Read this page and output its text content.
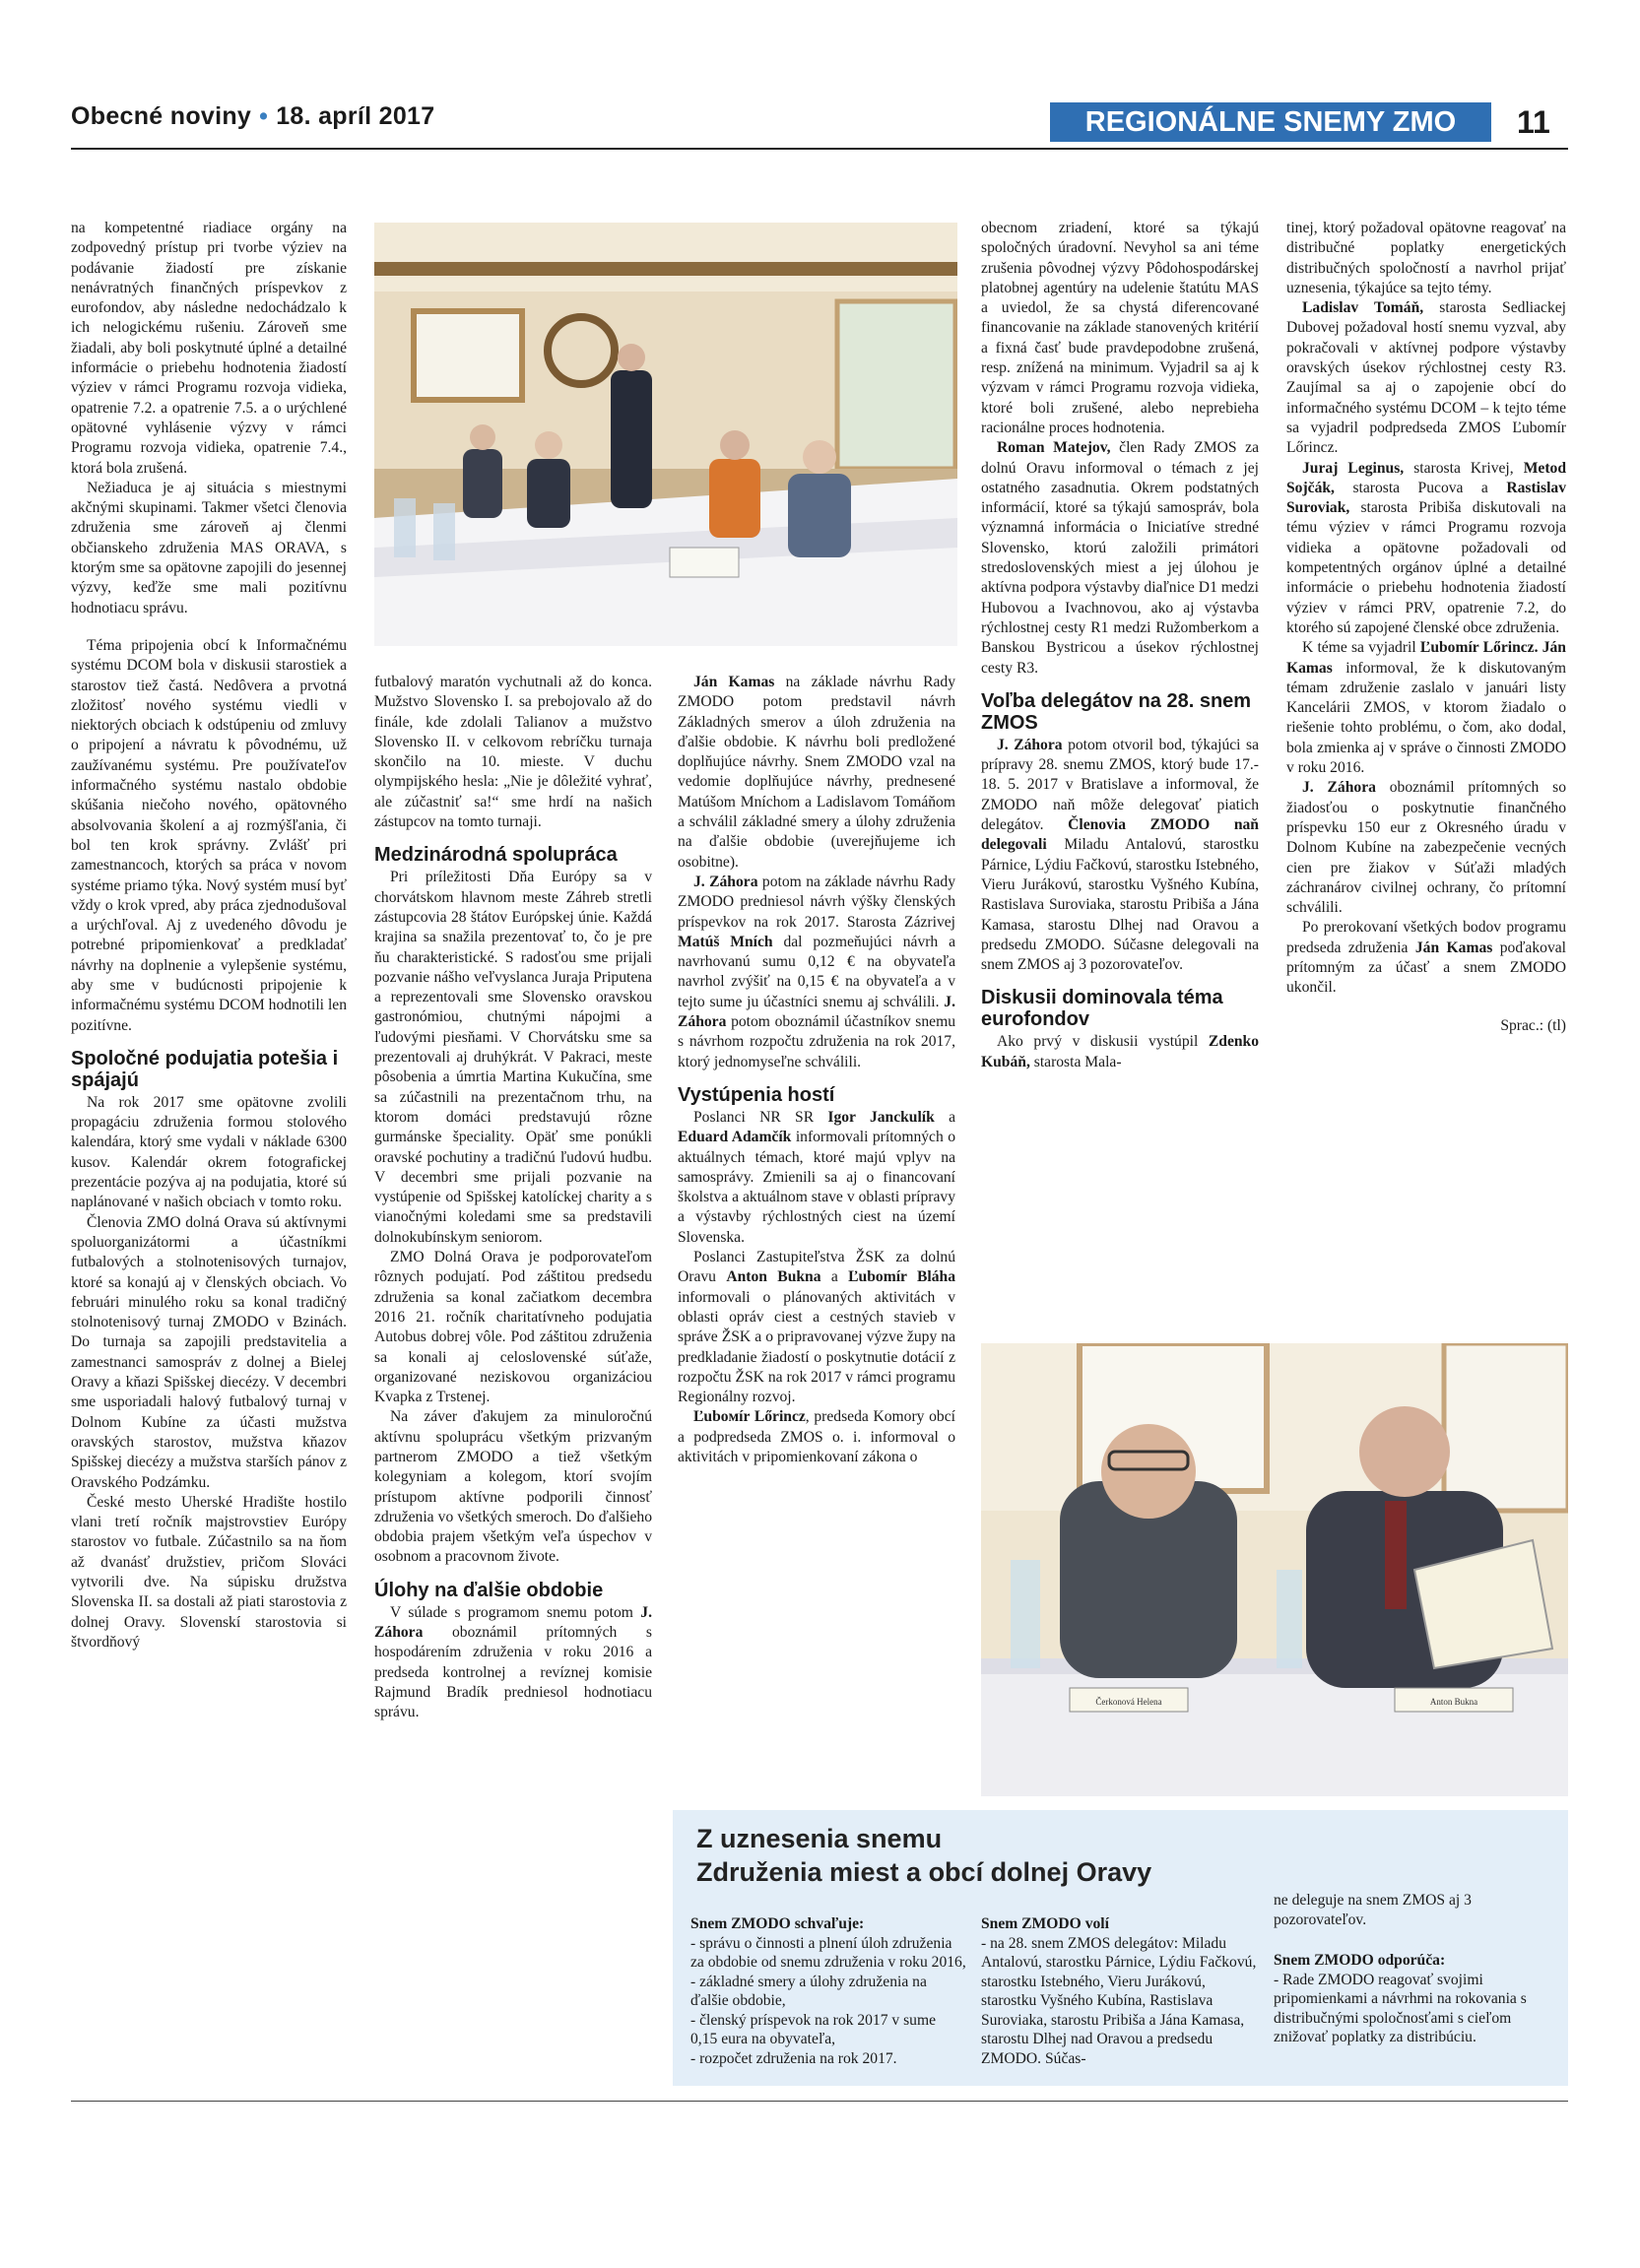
Obecné noviny • 18. apríl 2017	REGIONÁLNE SNEMY ZMO	11

na kompetentné riadiace orgány na zodpovedný prístup pri tvorbe výziev na podávanie žiadostí pre získanie nenávratných finančných príspevkov z eurofondov, aby následne nedochádzalo k ich nelogickému rušeniu. Zároveň sme žiadali, aby boli poskytnuté úplné a detailné informácie o priebehu hodnotenia žiadostí výziev v rámci Programu rozvoja vidieka, opatrenie 7.2. a opatrenie 7.5. a o urýchlené opätovné vyhlásenie výzvy v rámci Programu rozvoja vidieka, opatrenie 7.4., ktorá bola zrušená.

Nežiaduca je aj situácia s miestnymi akčnými skupinami. Takmer všetci členovia združenia sme zároveň aj členmi občianskeho združenia MAS ORAVA, s ktorým sme sa opätovne zapojili do jesennej výzvy, keďže sme mali pozitívnu hodnotiacu správu.

Téma pripojenia obcí k Informačnému systému DCOM bola v diskusii starostiek a starostov tiež častá. Nedôvera a prvotná zložitosť nového systému viedli v niektorých obciach k odstúpeniu od zmluvy o pripojení a návratu k pôvodnému, už zaužívanému systému. Pre používateľov informačného systému nastalo obdobie skúšania niečoho nového, opätovného absolvovania školení a aj rozmýšľania, či bol ten krok správny. Zvlášť pri zamestnancoch, ktorých sa práca v novom systéme priamo týka. Nový systém musí byť vždy o krok vpred, aby práca zjednodušoval a urýchľoval. Aj z uvedeného dôvodu je potrebné pripomienkovať a predkladať návrhy na doplnenie a vylepšenie systému, aby sme v budúcnosti pripojenie k informačnému systému DCOM hodnotili len pozitívne.

Spoločné podujatia potešia i spájajú

Na rok 2017 sme opätovne zvolili propagáciu združenia formou stolového kalendára, ktorý sme vydali v náklade 6300 kusov. Kalendár okrem fotografickej prezentácie pozýva aj na podujatia, ktoré sú naplánované v našich obciach v tomto roku.

Členovia ZMO dolná Orava sú aktívnymi spoluorganizátormi a účastníkmi futbalových a stolnotenisových turnajov, ktoré sa konajú aj v členských obciach. Vo februári minulého roku sa konal tradičný stolnotenisový turnaj ZMODO v Bzinách. Do turnaja sa zapojili predstavitelia a zamestnanci samospráv z dolnej a Bielej Oravy a kňazi Spišskej diecézy. V decembri sme usporiadali halový futbalový turnaj v Dolnom Kubíne za účasti mužstva oravských starostov, mužstva kňazov Spišskej diecézy a mužstva starších pánov z Oravského Podzámku.

České mesto Uherské Hradište hostilo vlani tretí ročník majstrovstiev Európy starostov vo futbale. Zúčastnilo sa na ňom až dvanásť družstiev, pričom Slováci vytvorili dve. Na súpisku družstva Slovenska II. sa dostali až piati starostovia z dolnej Oravy. Slovenskí starostovia si štvordňový

futbalový maratón vychutnali až do konca. Mužstvo Slovensko I. sa prebojovalo až do finále, kde zdolali Talianov a mužstvo Slovensko II. v celkovom rebríčku turnaja skončilo na 10. mieste. V duchu olympijského hesla: „Nie je dôležité vyhrať, ale zúčastniť sa!“ sme hrdí na našich zástupcov na tomto turnaji.

Medzinárodná spolupráca

Pri príležitosti Dňa Európy sa v chorvátskom hlavnom meste Záhreb stretli zástupcovia 28 štátov Európskej únie. Každá krajina sa snažila prezentovať to, čo je pre ňu charakteristické. S radosťou sme prijali pozvanie nášho veľvyslanca Juraja Priputena a reprezentovali sme Slovensko oravskou gastronómiou, chutnými nápojmi a ľudovými piesňami. V Chorvátsku sme sa prezentovali aj druhýkrát. V Pakraci, meste pôsobenia a úmrtia Martina Kukučína, sme sa zúčastnili na prezentačnom trhu, na ktorom domáci predstavujú rôzne gurmánske špeciality. Opäť sme ponúkli oravské pochutiny a tradičnú ľudovú hudbu. V decembri sme prijali pozvanie na vystúpenie od Spišskej katolíckej charity a s vianočnými koledami sme sa predstavili dolnokubínskym seniorom.

ZMO Dolná Orava je podporovateľom rôznych podujatí. Pod záštitou predsedu združenia sa konal začiatkom decembra 2016 21. ročník charitatívneho podujatia Autobus dobrej vôle. Pod záštitou združenia sa konali aj celoslovenské súťaže, organizované neziskovou organizáciou Kvapka z Trstenej.

Na záver ďakujem za minuloročnú aktívnu spoluprácu všetkým prizvaným partnerom ZMODO a tiež všetkým kolegyniam a kolegom, ktorí svojím prístupom aktívne podporili činnosť združenia vo všetkých smeroch. Do ďalšieho obdobia prajem všetkým veľa úspechov v osobnom a pracovnom živote.

Úlohy na ďalšie obdobie

V súlade s programom snemu potom J. Záhora oboznámil prítomných s hospodárením združenia v roku 2016 a predseda kontrolnej a revíznej komisie Rajmund Bradík predniesol hodnotiacu správu.

Ján Kamas na základe návrhu Rady ZMODO potom predstavil návrh Základných smerov a úloh združenia na ďalšie obdobie. K návrhu boli predložené doplňujúce návrhy. Snem ZMODO vzal na vedomie doplňujúce návrhy, prednesené Matúšom Mníchom a Ladislavom Tomáňom a schválil základné smery a úlohy združenia na ďalšie obdobie (uverejňujeme ich osobitne).

J. Záhora potom na základe návrhu Rady ZMODO predniesol návrh výšky členských príspevkov na rok 2017. Starosta Zázrivej Matúš Mních dal pozmeňujúci návrh a navrhovanú sumu 0,12 € na obyvateľa navrhol zvýšiť na 0,15 € na obyvateľa a v tejto sume ju účastníci snemu aj schválili. J. Záhora potom oboznámil účastníkov snemu s návrhom rozpočtu združenia na rok 2017, ktorý jednomyseľne schválili.

Vystúpenia hostí

Poslanci NR SR Igor Janckulík a Eduard Adamčík informovali prítomných o aktuálnych témach, ktoré majú vplyv na samosprávy. Zmienili sa aj o financovaní školstva a aktuálnom stave v oblasti prípravy a výstavby rýchlostných ciest na území Slovenska.

Poslanci Zastupiteľstva ŽSK za dolnú Oravu Anton Bukna a Ľubomír Bláha informovali o plánovaných aktivitách v oblasti opráv ciest a cestných stavieb v správe ŽSK a o pripravovanej výzve župy na predkladanie žiadostí o poskytnutie dotácií z rozpočtu ŽSK na rok 2017 v rámci programu Regionálny rozvoj.

Ľuboмír Lőrincz, predseda Komory obcí a podpredseda ZMOS o. i. informoval o aktivitách v pripomienkovaní zákona o

obecnom zriadení, ktoré sa týkajú spoločných úradovní. Nevyhol sa ani téme zrušenia pôvodnej výzvy Pôdohospodárskej platobnej agentúry na udelenie štatútu MAS a uviedol, že sa chystá diferencované financovanie na základe stanovených kritérií a fixná časť bude pravdepodobne zrušená, resp. znížená na minimum. Vyjadril sa aj k výzvam v rámci Programu rozvoja vidieka, ktoré boli zrušené, alebo neprebieha racionálne proces hodnotenia.

Roman Matejov, člen Rady ZMOS za dolnú Oravu informoval o témach z jej ostatného zasadnutia. Okrem podstatných informácií, ktoré sa týkajú samospráv, bola významná informácia o Iniciatíve stredné Slovensko, ktorú založili primátori stredoslovenských miest a jej úlohou je aktívna podpora výstavby diaľnice D1 medzi Hubovou a Ivachnovou, ako aj výstavba rýchlostnej cesty R1 medzi Ružomberkom a Banskou Bystricou a úsekov rýchlostnej cesty R3.

Voľba delegátov na 28. snem ZMOS

J. Záhora potom otvoril bod, týkajúci sa prípravy 28. snemu ZMOS, ktorý bude 17.- 18. 5. 2017 v Bratislave a informoval, že ZMODO naň môže delegovať piatich delegátov. Členovia ZMODO naň delegovali Miladu Antalovú, starostku Párnice, Lýdiu Fačkovú, starostku Istebného, Vieru Jurákovú, starostku Vyšného Kubína, Rastislava Suroviaka, starostu Pribiša a Jána Kamasa, starostu Dlhej nad Oravou a predsedu ZMODO. Súčasne delegovali na snem ZMOS aj 3 pozorovateľov.

Diskusii dominovala téma eurofondov

Ako prvý v diskusii vystúpil Zdenko Kubáň, starosta Mala-

tinej, ktorý požadoval opätovne reagovať na distribučné poplatky energetických distribučných spoločností a navrhol prijať uznesenia, týkajúce sa tejto témy.

Ladislav Tomáň, starosta Sedliackej Dubovej požadoval hostí snemu vyzval, aby pokračovali v aktívnej podpore výstavby oravských úsekov rýchlostnej cesty R3. Zaujímal sa aj o zapojenie obcí do informačného systému DCOM – k tejto téme sa vyjadril podpredseda ZMOS Ľubomír Lőrincz.

Juraj Leginus, starosta Krivej, Metod Sojčák, starosta Pucova a Rastislav Suroviak, starosta Pribiša diskutovali na tému výziev v rámci Programu rozvoja vidieka a opätovne požadovali od kompetentných orgánov úplné a detailné informácie o priebehu hodnotenia žiadostí výziev v rámci PRV, opatrenie 7.2, do ktorého sú zapojené členské obce združenia.

K téme sa vyjadril Ľubomír Lőrincz. Ján Kamas informoval, že k diskutovaným témam združenie zaslalo v januári listy Kancelárii ZMOS, v ktorom žiadalo o riešenie tohto problému, o čom, ako dodal, bola zmienka aj v správe o činnosti ZMODO v roku 2016.

J. Záhora oboznámil prítomných so žiadosťou o poskytnutie finančného príspevku 150 eur z Okresného úradu v Dolnom Kubíne na zabezpečenie vecných cien pre žiakov v Súťaži mladých záchranárov civilnej ochrany, čo prítomní schválili.

Po prerokovaní všetkých bodov programu predseda združenia Ján Kamas poďakoval prítomným za účasť a snem ZMODO ukončil.

Sprac.: (tl)

Čerkonová Helena	Anton Bukna
Z uznesenia snemu
Združenia miest a obcí dolnej Oravy

Snem ZMODO schvaľuje:

- správu o činnosti a plnení úloh združenia za obdobie od snemu združenia v roku 2016,

- základné smery a úlohy združenia na ďalšie obdobie,

- členský príspevok na rok 2017 v sume 0,15 eura na obyvateľa,

- rozpočet združenia na rok 2017.

Snem ZMODO volí

- na 28. snem ZMOS delegátov: Miladu Antalovú, starostku Párnice, Lýdiu Fačkovú, starostku Istebného, Vieru Jurákovú, starostku Vyšného Kubína, Rastislava Suroviaka, starostu Pribiša a Jána Kamasa, starostu Dlhej nad Oravou a predsedu ZMODO. Súčas-

ne deleguje na snem ZMOS aj 3 pozorovateľov.

Snem ZMODO odporúča:

- Rade ZMODO reagovať svojimi pripomienkami a návrhmi na rokovania s distribučnými spoločnosťami s cieľom znižovať poplatky za distribúciu.
